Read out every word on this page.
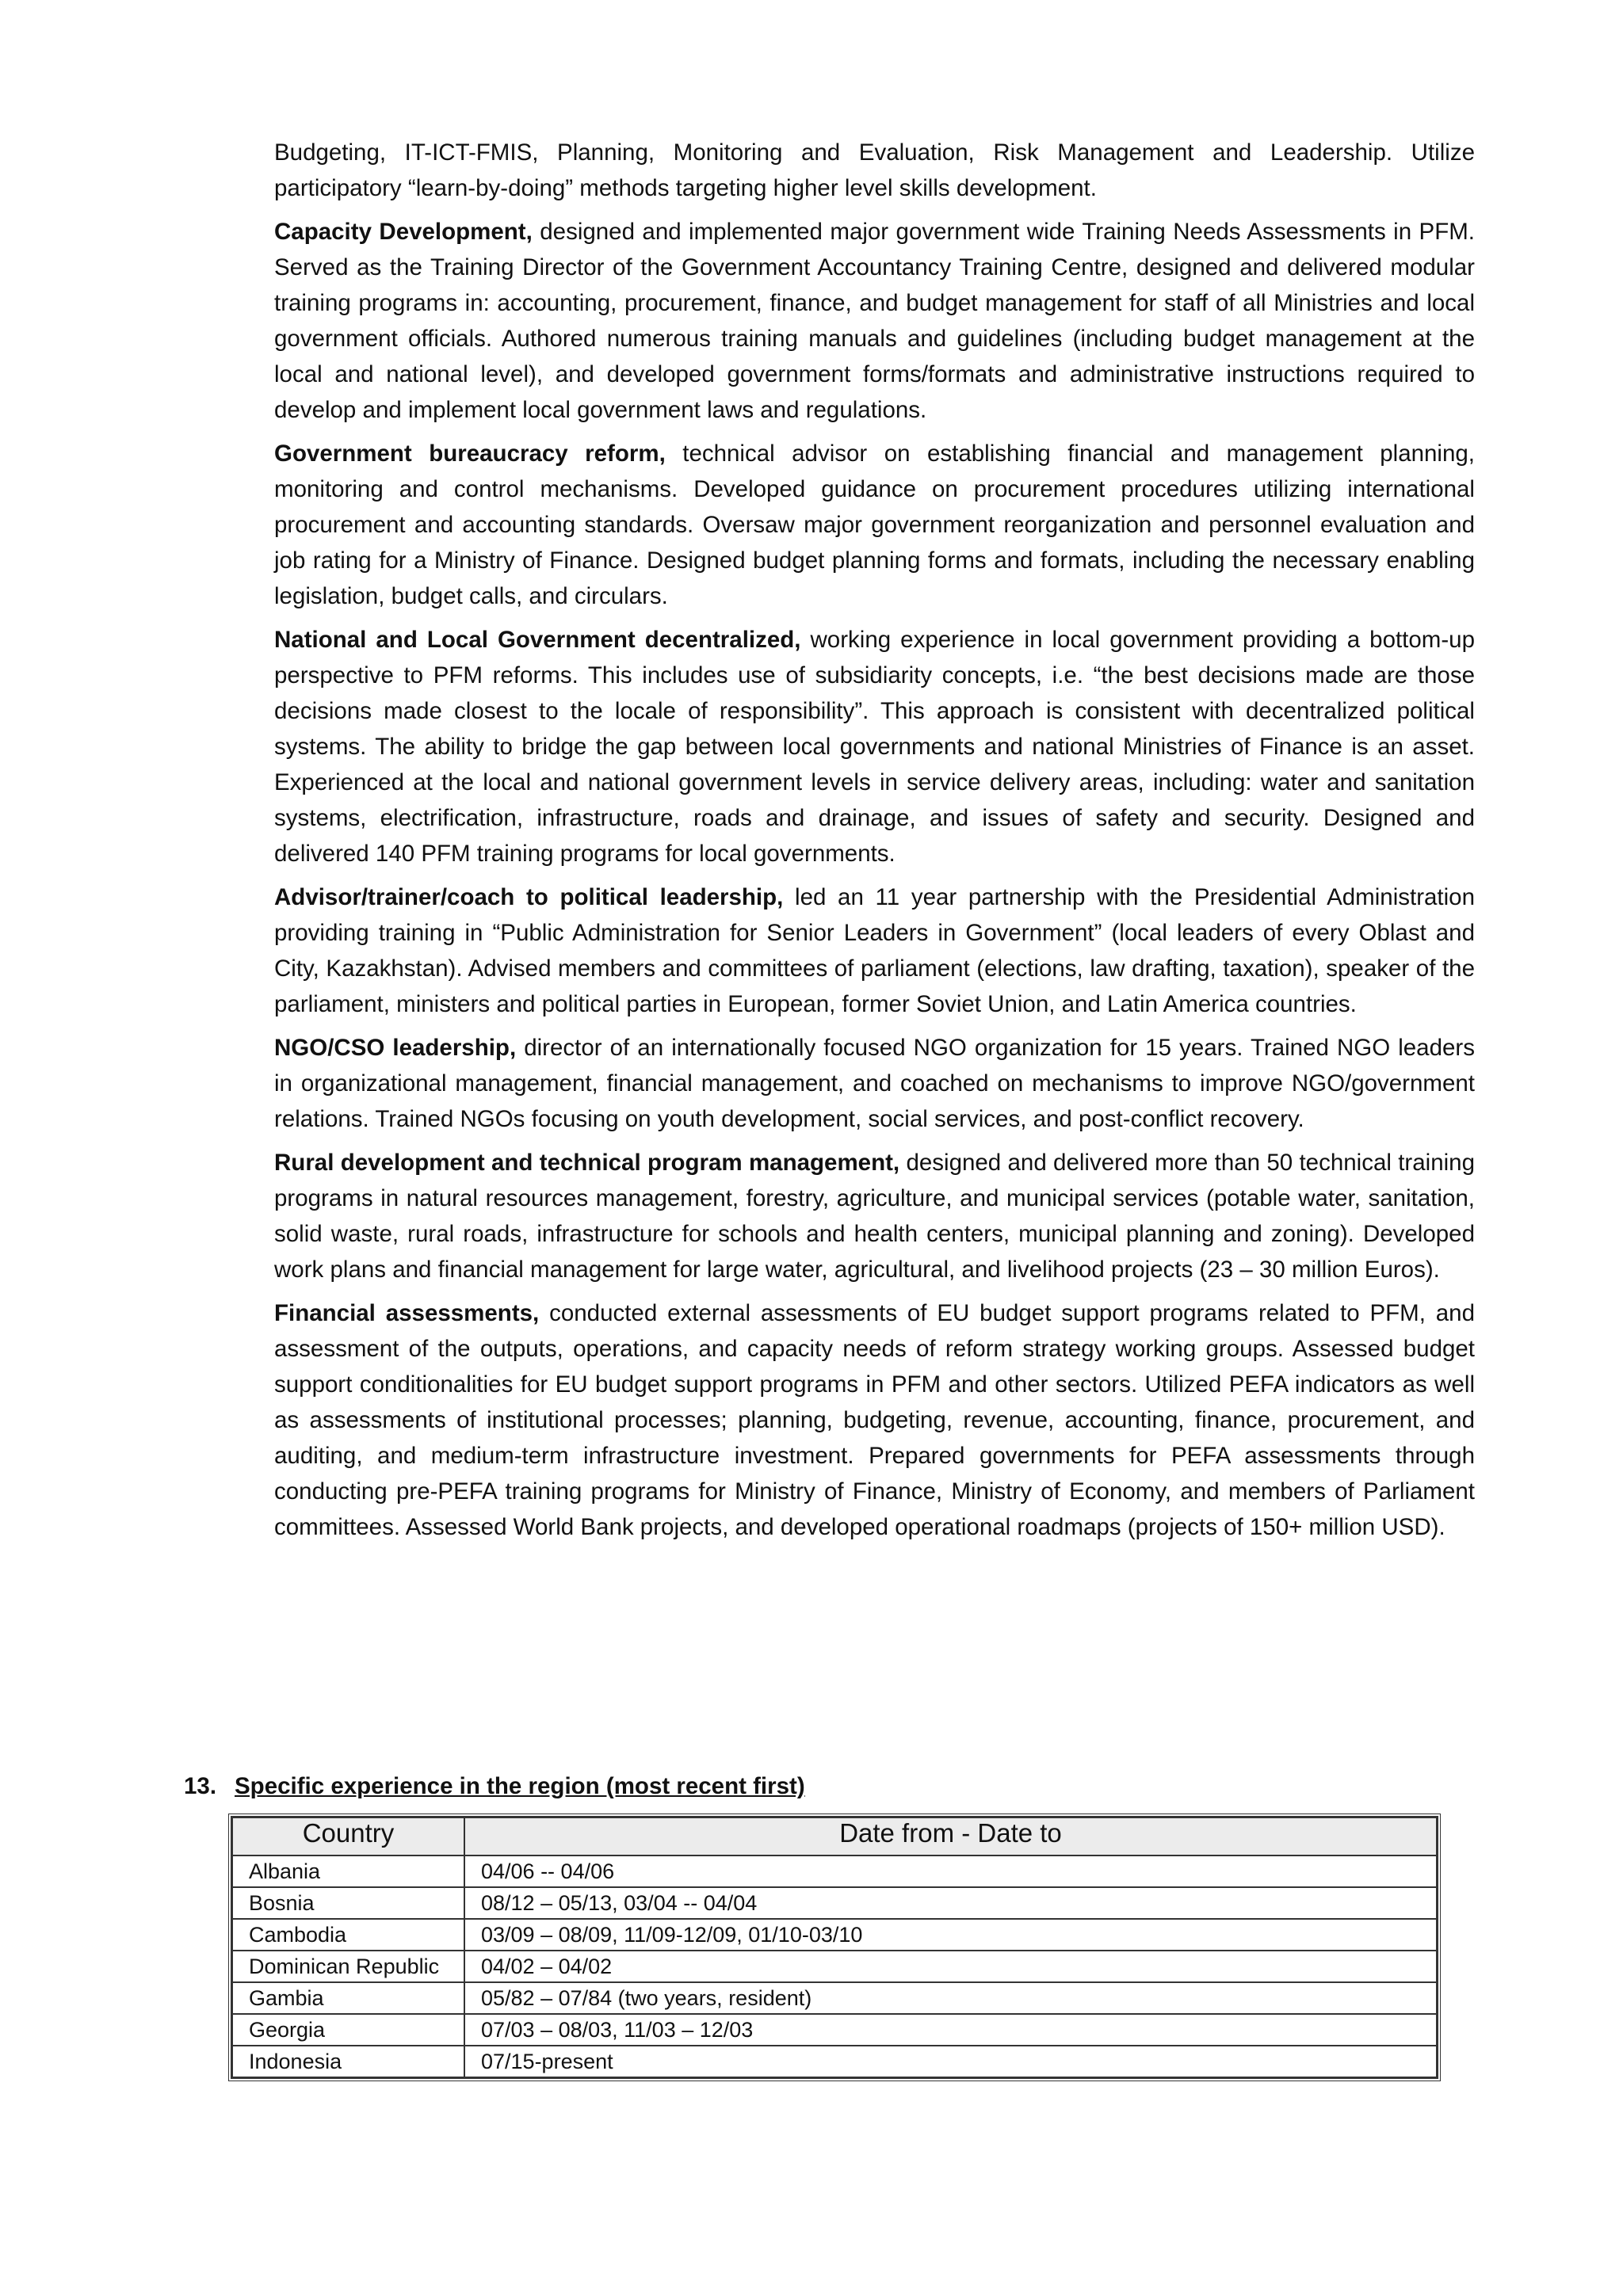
Budgeting, IT-ICT-FMIS, Planning, Monitoring and Evaluation, Risk Management and Leadership. Utilize participatory “learn-by-doing” methods targeting higher level skills development.

Capacity Development, designed and implemented major government wide Training Needs Assessments in PFM. Served as the Training Director of the Government Accountancy Training Centre, designed and delivered modular training programs in: accounting, procurement, finance, and budget management for staff of all Ministries and local government officials. Authored numerous training manuals and guidelines (including budget management at the local and national level), and developed government forms/formats and administrative instructions required to develop and implement local government laws and regulations.

Government bureaucracy reform, technical advisor on establishing financial and management planning, monitoring and control mechanisms. Developed guidance on procurement procedures utilizing international procurement and accounting standards. Oversaw major government reorganization and personnel evaluation and job rating for a Ministry of Finance. Designed budget planning forms and formats, including the necessary enabling legislation, budget calls, and circulars.

National and Local Government decentralized, working experience in local government providing a bottom-up perspective to PFM reforms. This includes use of subsidiarity concepts, i.e. “the best decisions made are those decisions made closest to the locale of responsibility”. This approach is consistent with decentralized political systems. The ability to bridge the gap between local governments and national Ministries of Finance is an asset. Experienced at the local and national government levels in service delivery areas, including: water and sanitation systems, electrification, infrastructure, roads and drainage, and issues of safety and security. Designed and delivered 140 PFM training programs for local governments.

Advisor/trainer/coach to political leadership, led an 11 year partnership with the Presidential Administration providing training in “Public Administration for Senior Leaders in Government” (local leaders of every Oblast and City, Kazakhstan). Advised members and committees of parliament (elections, law drafting, taxation), speaker of the parliament, ministers and political parties in European, former Soviet Union, and Latin America countries.

NGO/CSO leadership, director of an internationally focused NGO organization for 15 years. Trained NGO leaders in organizational management, financial management, and coached on mechanisms to improve NGO/government relations. Trained NGOs focusing on youth development, social services, and post-conflict recovery.

Rural development and technical program management, designed and delivered more than 50 technical training programs in natural resources management, forestry, agriculture, and municipal services (potable water, sanitation, solid waste, rural roads, infrastructure for schools and health centers, municipal planning and zoning). Developed work plans and financial management for large water, agricultural, and livelihood projects (23 – 30 million Euros).

Financial assessments, conducted external assessments of EU budget support programs related to PFM, and assessment of the outputs, operations, and capacity needs of reform strategy working groups. Assessed budget support conditionalities for EU budget support programs in PFM and other sectors. Utilized PEFA indicators as well as assessments of institutional processes; planning, budgeting, revenue, accounting, finance, procurement, and auditing, and medium-term infrastructure investment. Prepared governments for PEFA assessments through conducting pre-PEFA training programs for Ministry of Finance, Ministry of Economy, and members of Parliament committees. Assessed World Bank projects, and developed operational roadmaps (projects of 150+ million USD).

13. Specific experience in the region (most recent first)

Country	Date from - Date to
Albania	04/06 -- 04/06
Bosnia	08/12 – 05/13, 03/04 -- 04/04
Cambodia	03/09 – 08/09, 11/09-12/09, 01/10-03/10
Dominican Republic	04/02 – 04/02
Gambia	05/82 – 07/84 (two years, resident)
Georgia	07/03 – 08/03, 11/03 – 12/03
Indonesia	07/15-present
